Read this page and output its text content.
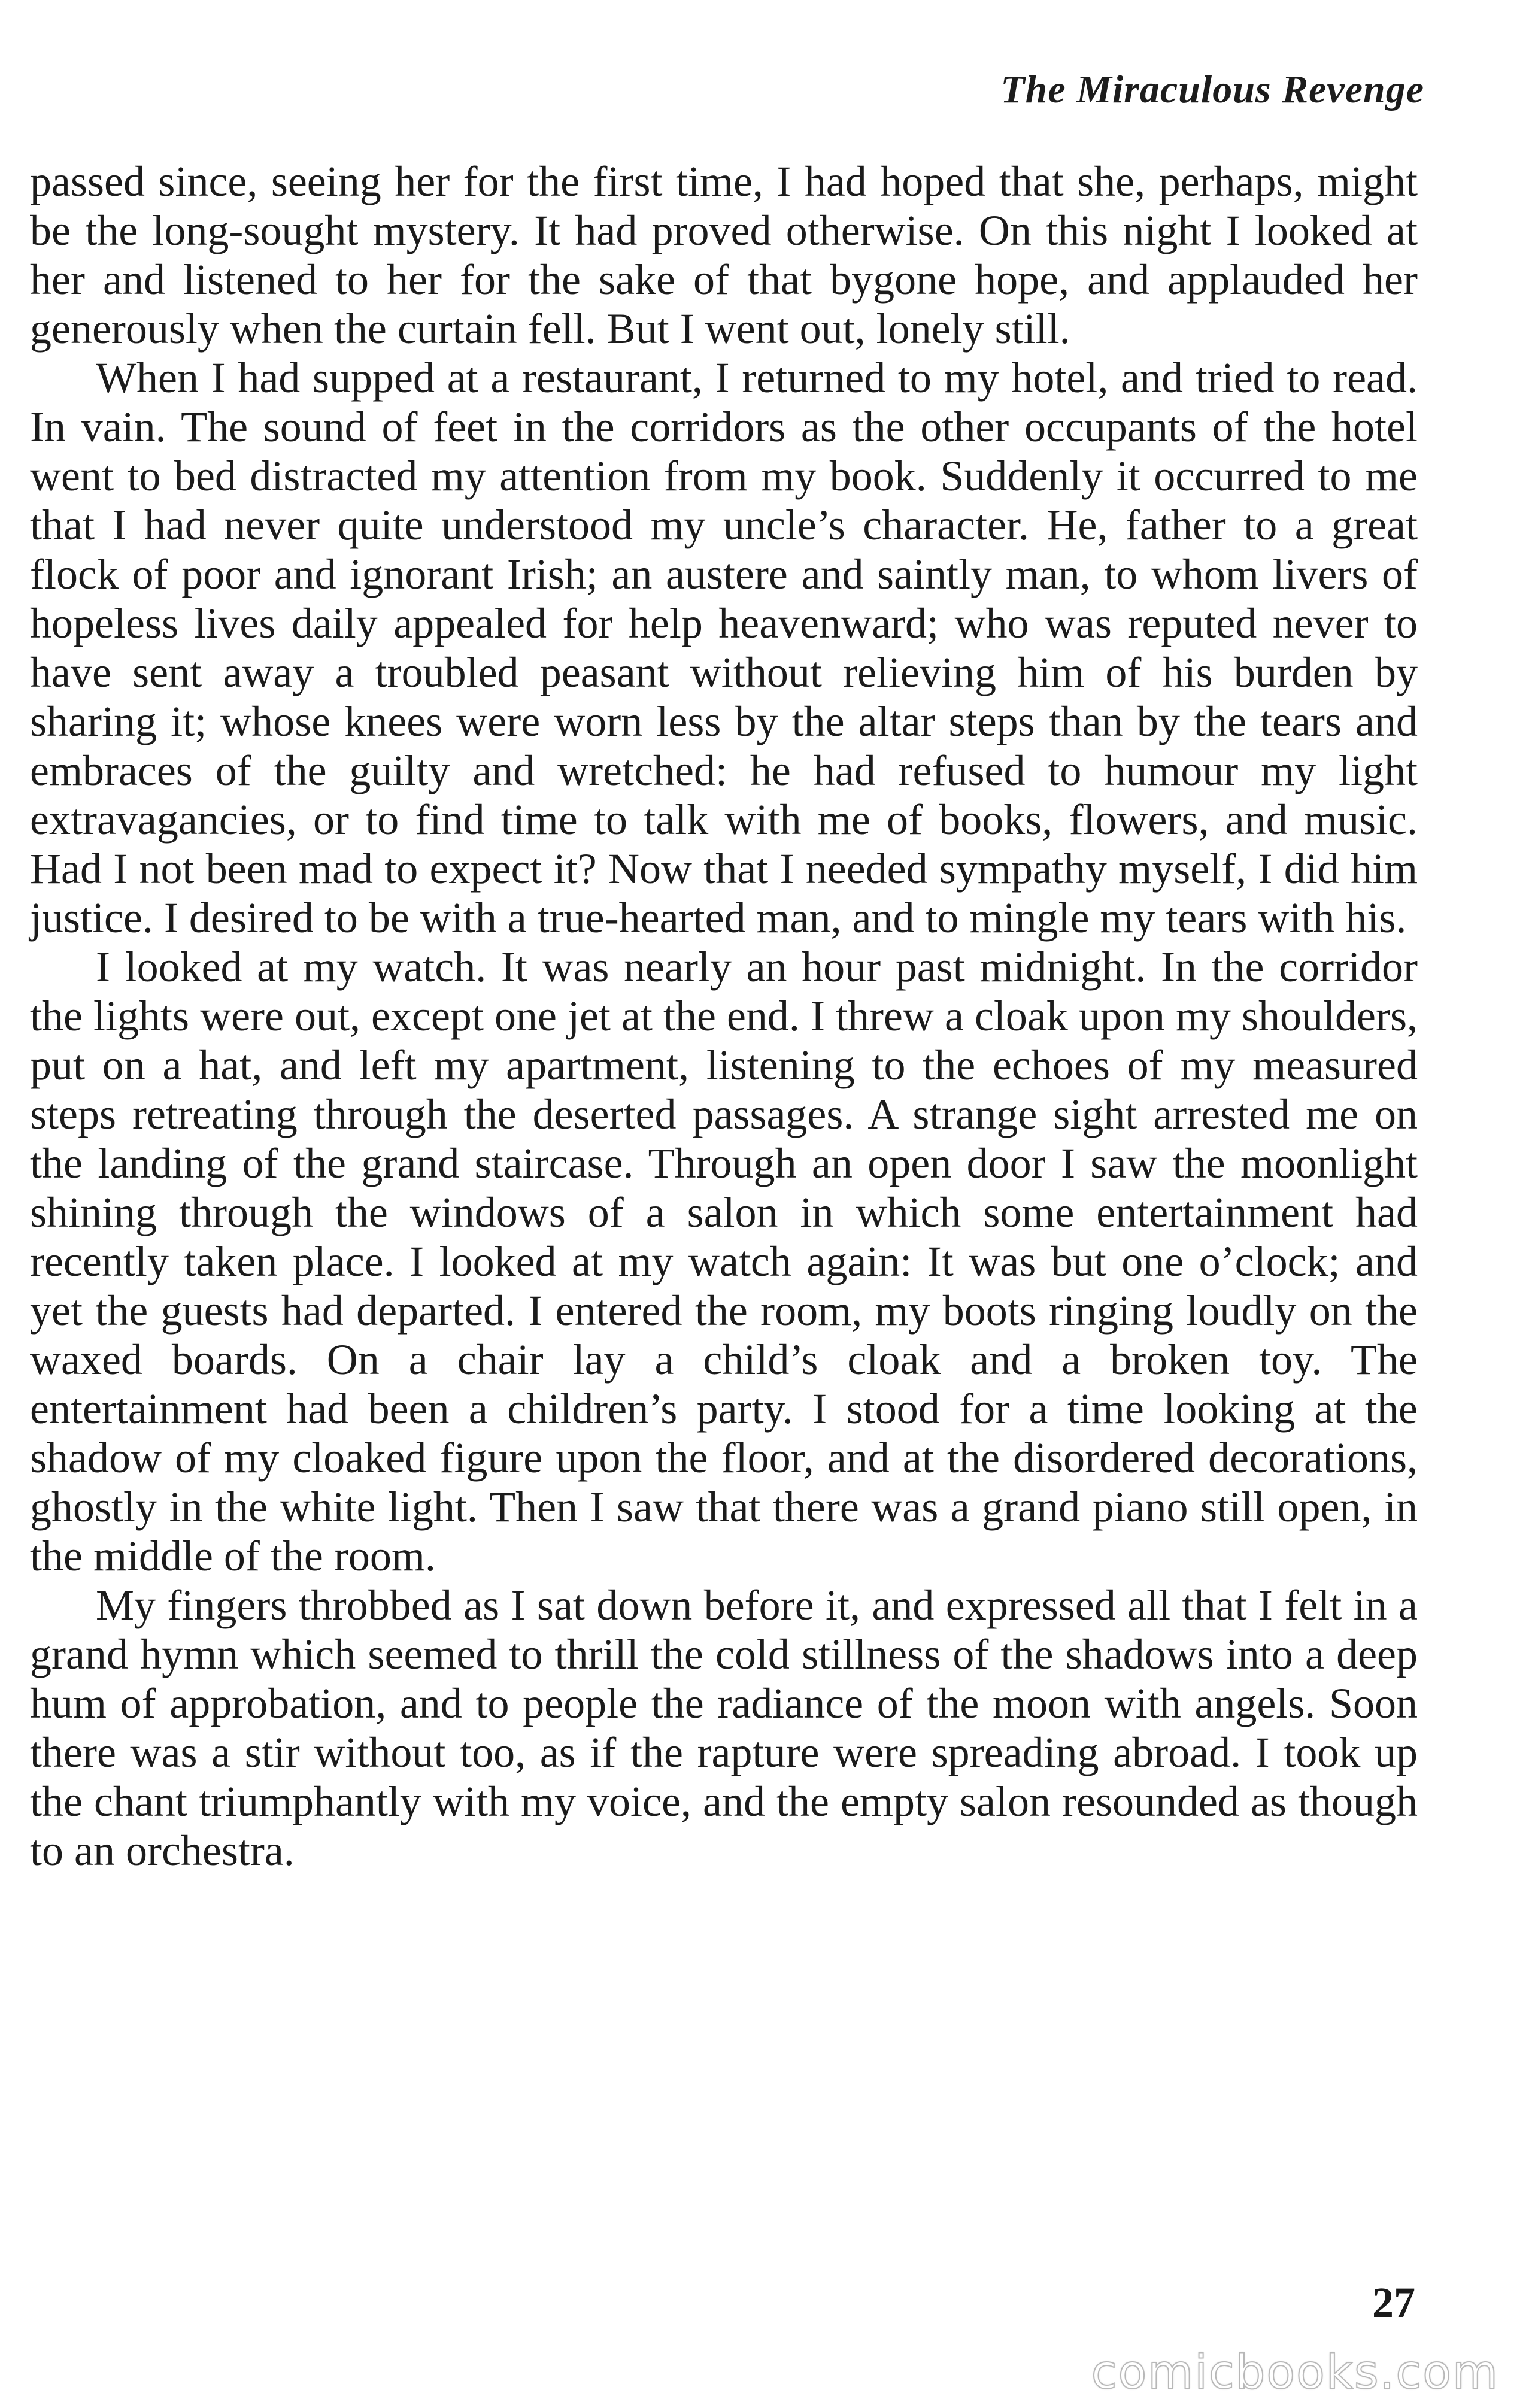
The Miraculous Revenge

passed since, seeing her for the first time, I had hoped that she, perhaps, might be the long-sought mystery. It had proved otherwise. On this night I looked at her and listened to her for the sake of that bygone hope, and applauded her generously when the curtain fell. But I went out, lonely still.

When I had supped at a restaurant, I returned to my hotel, and tried to read. In vain. The sound of feet in the corridors as the other occupants of the hotel went to bed distracted my attention from my book. Suddenly it occurred to me that I had never quite understood my uncle’s character. He, father to a great flock of poor and ignorant Irish; an austere and saintly man, to whom livers of hopeless lives daily appealed for help heavenward; who was reputed never to have sent away a troubled peasant without relieving him of his burden by sharing it; whose knees were worn less by the altar steps than by the tears and embraces of the guilty and wretched: he had refused to humour my light extravagancies, or to find time to talk with me of books, flowers, and music. Had I not been mad to expect it? Now that I needed sympathy myself, I did him justice. I desired to be with a true-hearted man, and to mingle my tears with his.

I looked at my watch. It was nearly an hour past midnight. In the corridor the lights were out, except one jet at the end. I threw a cloak upon my shoulders, put on a hat, and left my apartment, listening to the echoes of my measured steps retreating through the deserted passages. A strange sight arrested me on the landing of the grand staircase. Through an open door I saw the moonlight shining through the windows of a salon in which some entertainment had recently taken place. I looked at my watch again: It was but one o’clock; and yet the guests had departed. I entered the room, my boots ringing loudly on the waxed boards. On a chair lay a child’s cloak and a broken toy. The entertainment had been a children’s party. I stood for a time looking at the shadow of my cloaked figure upon the floor, and at the disordered decorations, ghostly in the white light. Then I saw that there was a grand piano still open, in the middle of the room.

My fingers throbbed as I sat down before it, and expressed all that I felt in a grand hymn which seemed to thrill the cold stillness of the shadows into a deep hum of approbation, and to people the radiance of the moon with angels. Soon there was a stir without too, as if the rapture were spreading abroad. I took up the chant triumphantly with my voice, and the empty salon resounded as though to an orchestra.

27
comicbooks.com
